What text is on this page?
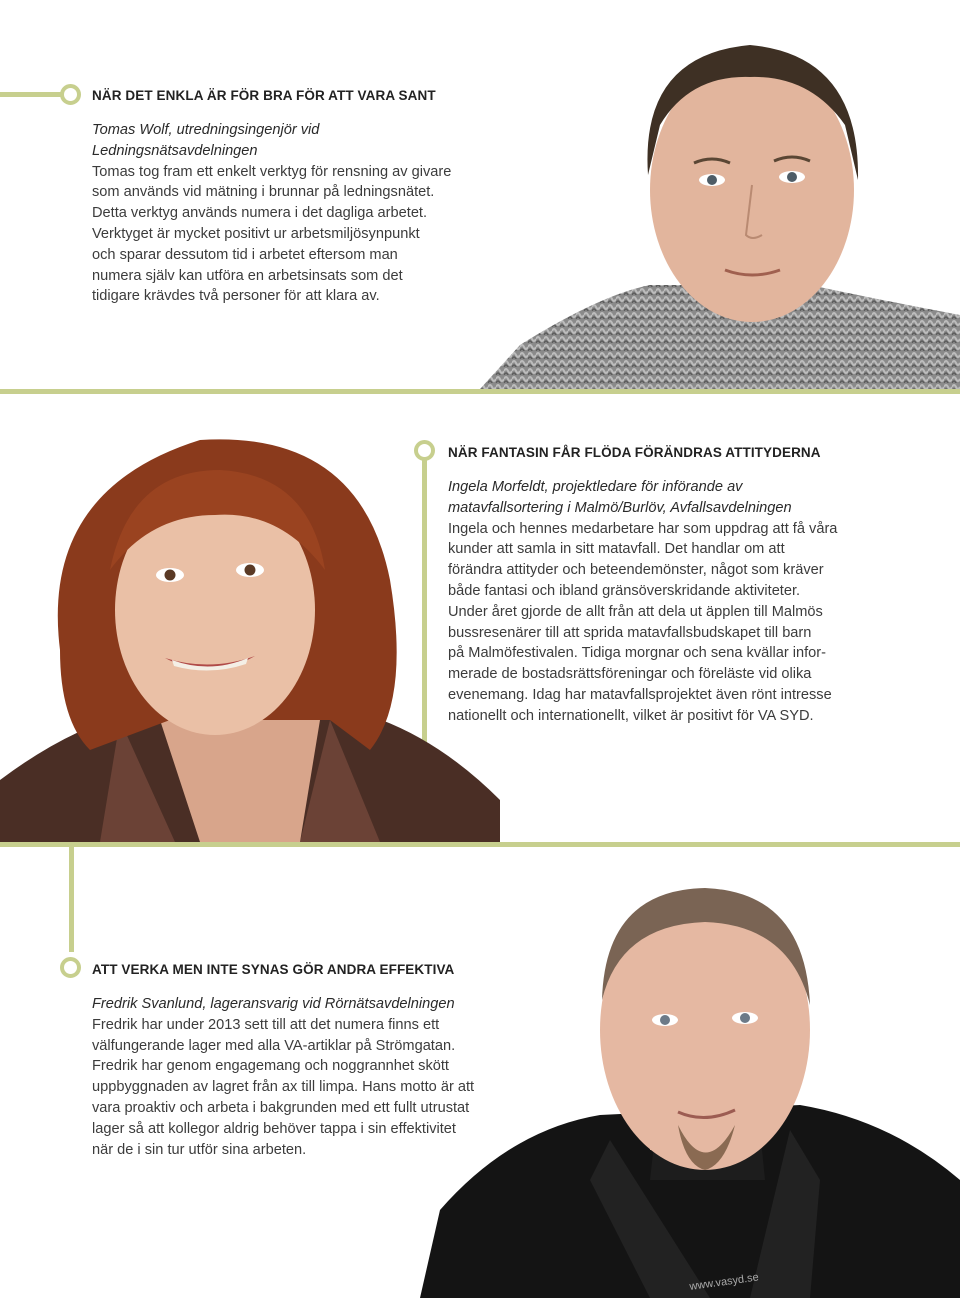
NÄR DET ENKLA ÄR FÖR BRA FÖR ATT VARA SANT

Tomas Wolf, utredningsingenjör vid

Ledningsnätsavdelningen

Tomas tog fram ett enkelt verktyg för rensning av givare

som används vid mätning i brunnar på ledningsnätet.

Detta verktyg används numera i det dagliga arbetet.

Verktyget är mycket positivt ur arbetsmiljösynpunkt

och sparar dessutom tid i arbetet eftersom man

numera själv kan utföra en arbetsinsats som det

tidigare krävdes två personer för att klara av.

NÄR FANTASIN FÅR FLÖDA FÖRÄNDRAS ATTITYDERNA

Ingela Morfeldt, projektledare för införande av

matavfallsortering i Malmö/Burlöv, Avfallsavdelningen

Ingela och hennes medarbetare har som uppdrag att få våra

kunder att samla in sitt matavfall. Det handlar om att

förändra attityder och beteendemönster, något som kräver

både fantasi och ibland gränsöverskridande aktiviteter.

Under året gjorde de allt från att dela ut äpplen till Malmös

bussresenärer till att sprida matavfallsbudskapet till barn

på Malmöfestivalen. Tidiga morgnar och sena kvällar infor-

merade de bostadsrättsföreningar och föreläste vid olika

evenemang. Idag har matavfallsprojektet även rönt intresse

nationellt och internationellt, vilket är positivt för VA SYD.

ATT VERKA MEN INTE SYNAS GÖR ANDRA EFFEKTIVA

Fredrik Svanlund, lageransvarig vid Rörnätsavdelningen

Fredrik har under 2013 sett till att det numera finns ett

välfungerande lager med alla VA-artiklar på Strömgatan.

Fredrik har genom engagemang och noggrannhet skött

uppbyggnaden av lagret från ax till limpa. Hans motto är att

vara proaktiv och arbeta i bakgrunden med ett fullt utrustat

lager så att kollegor aldrig behöver tappa i sin effektivitet

när de i sin tur utför sina arbeten.

www.vasyd.se
